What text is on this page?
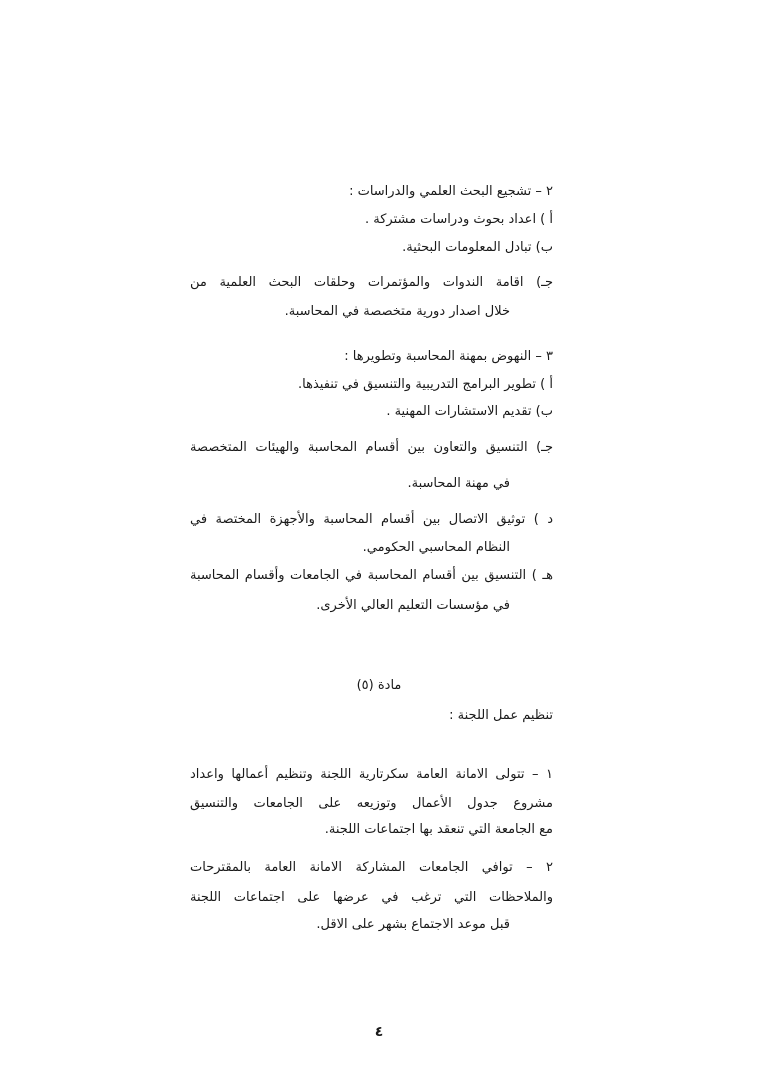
٢ – تشجيع البحث العلمي والدراسات :
أ ) اعداد بحوث ودراسات مشتركة .
ب) تبادل المعلومات البحثية.
جـ) اقامة الندوات والمؤتمرات وحلقات البحث العلمية من
خلال اصدار دورية متخصصة في المحاسبة.
٣ – النهوض بمهنة المحاسبة وتطويرها :
أ ) تطوير البرامج التدريبية والتنسيق في تنفيذها.
ب) تقديم الاستشارات المهنية .
جـ) التنسيق والتعاون بين أقسام المحاسبة والهيئات المتخصصة
في مهنة المحاسبة.
د ) توثيق الاتصال بين أقسام المحاسبة والأجهزة المختصة في
النظام المحاسبي الحكومي.
هـ ) التنسيق بين أقسام المحاسبة في الجامعات وأقسام المحاسبة
في مؤسسات التعليم العالي الأخرى.
مادة (٥)
تنظيم عمل اللجنة :
١ – تتولى الامانة العامة سكرتارية اللجنة وتنظيم أعمالها واعداد
مشروع جدول الأعمال وتوزيعه على الجامعات والتنسيق
مع الجامعة التي تنعقد بها اجتماعات اللجنة.
٢ – توافي الجامعات المشاركة الامانة العامة بالمقترحات
والملاحظات التي ترغب في عرضها على اجتماعات اللجنة
قبل موعد الاجتماع بشهر على الاقل.
٤
